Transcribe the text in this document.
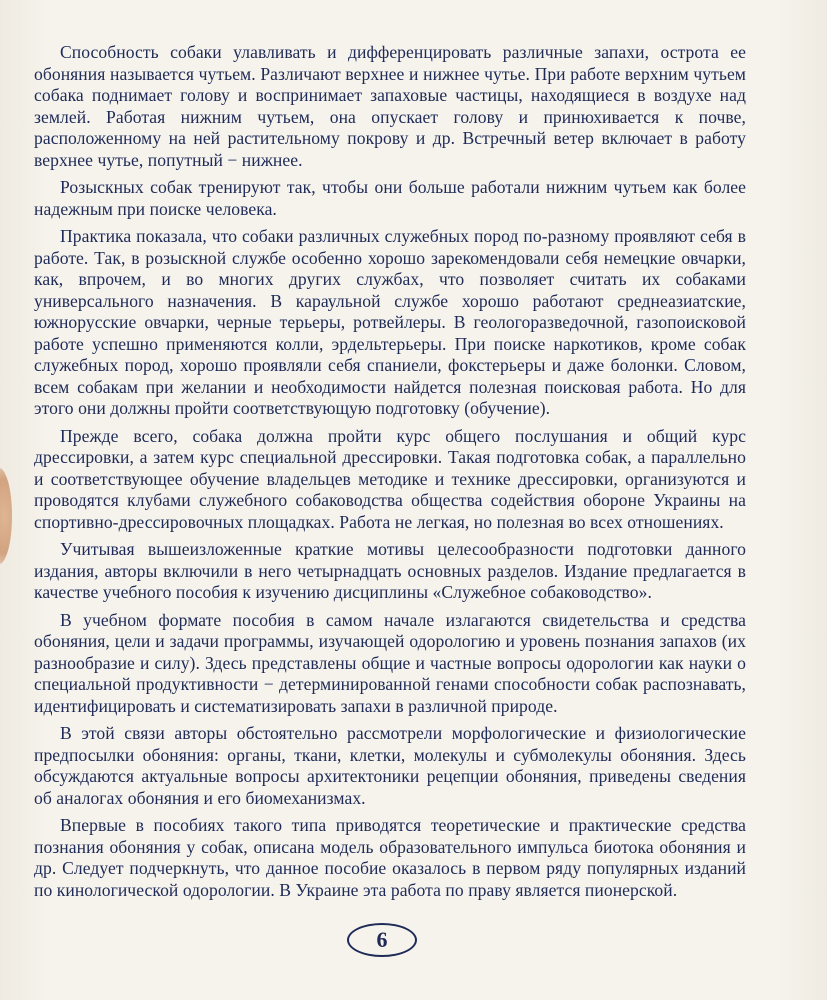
Способность собаки улавливать и дифференцировать различные запахи, острота ее обоняния называется чутьем. Различают верхнее и нижнее чутье. При работе верхним чутьем собака поднимает голову и воспринимает запаховые частицы, находящиеся в воздухе над землей. Работая нижним чутьем, она опускает голову и принюхивается к почве, расположенному на ней растительному покрову и др. Встречный ветер включает в работу верхнее чутье, попутный − нижнее.

Розыскных собак тренируют так, чтобы они больше работали нижним чутьем как более надежным при поиске человека.

Практика показала, что собаки различных служебных пород по-разному проявляют себя в работе. Так, в розыскной службе особенно хорошо зарекомендовали себя немецкие овчарки, как, впрочем, и во многих других службах, что позволяет считать их собаками универсального назначения. В караульной службе хорошо работают среднеазиатские, южнорусские овчарки, черные терьеры, ротвейлеры. В геологоразведочной, газопоисковой работе успешно применяются колли, эрдельтерьеры. При поиске наркотиков, кроме собак служебных пород, хорошо проявляли себя спаниели, фокстерьеры и даже болонки. Словом, всем собакам при желании и необходимости найдется полезная поисковая работа. Но для этого они должны пройти соответствующую подготовку (обучение).

Прежде всего, собака должна пройти курс общего послушания и общий курс дрессировки, а затем курс специальной дрессировки. Такая подготовка собак, а параллельно и соответствующее обучение владельцев методике и технике дрессировки, организуются и проводятся клубами служебного собаководства общества содействия обороне Украины на спортивно-дрессировочных площадках. Работа не легкая, но полезная во всех отношениях.

Учитывая вышеизложенные краткие мотивы целесообразности подготовки данного издания, авторы включили в него четырнадцать основных разделов. Издание предлагается в качестве учебного пособия к изучению дисциплины «Служебное собаководство».

В учебном формате пособия в самом начале излагаются свидетельства и средства обоняния, цели и задачи программы, изучающей одорологию и уровень познания запахов (их разнообразие и силу). Здесь представлены общие и частные вопросы одорологии как науки о специальной продуктивности − детерминированной генами способности собак распознавать, идентифицировать и систематизировать запахи в различной природе.

В этой связи авторы обстоятельно рассмотрели морфологические и физиологические предпосылки обоняния: органы, ткани, клетки, молекулы и субмолекулы обоняния. Здесь обсуждаются актуальные вопросы архитектоники рецепции обоняния, приведены сведения об аналогах обоняния и его биомеханизмах.

Впервые в пособиях такого типа приводятся теоретические и практические средства познания обоняния у собак, описана модель образовательного импульса биотока обоняния и др. Следует подчеркнуть, что данное пособие оказалось в первом ряду популярных изданий по кинологической одорологии. В Украине эта работа по праву является пионерской.

6
